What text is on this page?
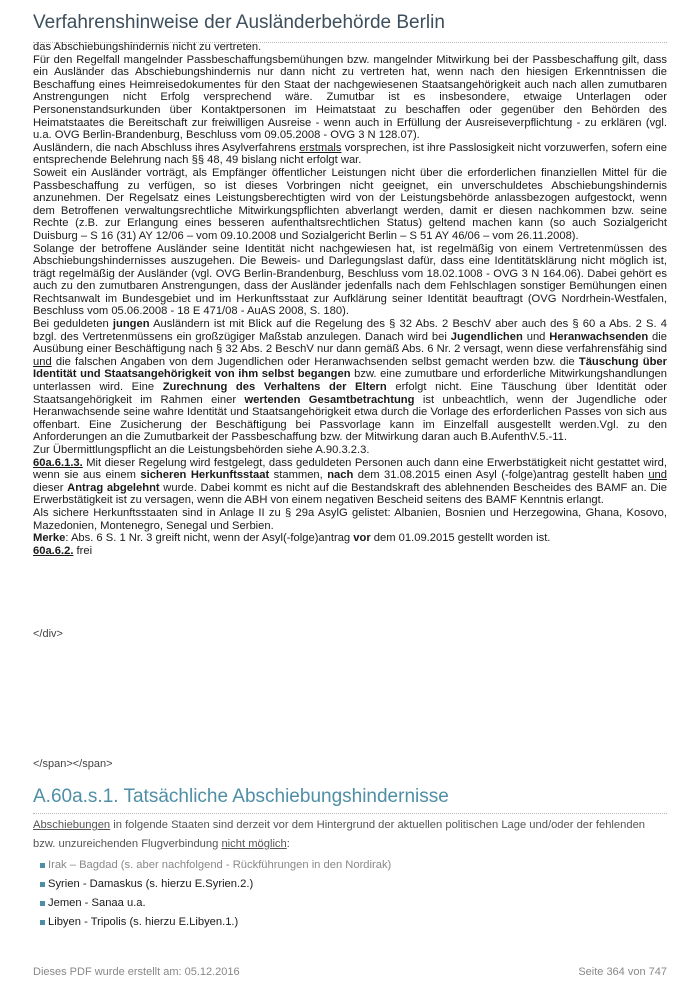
Verfahrenshinweise der Ausländerbehörde Berlin

das Abschiebungshindernis nicht zu vertreten.

Für den Regelfall mangelnder Passbeschaffungsbemühungen bzw. mangelnder Mitwirkung bei der Passbeschaffung gilt, dass ein Ausländer das Abschiebungshindernis nur dann nicht zu vertreten hat, wenn nach den hiesigen Erkenntnissen die Beschaffung eines Heimreisedokumentes für den Staat der nachgewiesenen Staatsangehörigkeit auch nach allen zumutbaren Anstrengungen nicht Erfolg versprechend wäre. Zumutbar ist es insbesondere, etwaige Unterlagen oder Personenstandsurkunden über Kontaktpersonen im Heimatstaat zu beschaffen oder gegenüber den Behörden des Heimatstaates die Bereitschaft zur freiwilligen Ausreise - wenn auch in Erfüllung der Ausreiseverpflichtung - zu erklären (vgl. u.a. OVG Berlin-Brandenburg, Beschluss vom 09.05.2008 - OVG 3 N 128.07).

Ausländern, die nach Abschluss ihres Asylverfahrens erstmals vorsprechen, ist ihre Passlosigkeit nicht vorzuwerfen, sofern eine entsprechende Belehrung nach §§ 48, 49 bislang nicht erfolgt war.

Soweit ein Ausländer vorträgt, als Empfänger öffentlicher Leistungen nicht über die erforderlichen finanziellen Mittel für die Passbeschaffung zu verfügen, so ist dieses Vorbringen nicht geeignet, ein unverschuldetes Abschiebungshindernis anzunehmen. Der Regelsatz eines Leistungsberechtigten wird von der Leistungsbehörde anlassbezogen aufgestockt, wenn dem Betroffenen verwaltungsrechtliche Mitwirkungspflichten abverlangt werden, damit er diesen nachkommen bzw. seine Rechte (z.B. zur Erlangung eines besseren aufenthaltsrechtlichen Status) geltend machen kann (so auch Sozialgericht Duisburg – S 16 (31) AY 12/06 – vom 09.10.2008 und Sozialgericht Berlin – S 51 AY 46/06 – vom 26.11.2008).

Solange der betroffene Ausländer seine Identität nicht nachgewiesen hat, ist regelmäßig von einem Vertretenmüssen des Abschiebungshindernisses auszugehen. Die Beweis- und Darlegungslast dafür, dass eine Identitätsklärung nicht möglich ist, trägt regelmäßig der Ausländer (vgl. OVG Berlin-Brandenburg, Beschluss vom 18.02.1008 - OVG 3 N 164.06). Dabei gehört es auch zu den zumutbaren Anstrengungen, dass der Ausländer jedenfalls nach dem Fehlschlagen sonstiger Bemühungen einen Rechtsanwalt im Bundesgebiet und im Herkunftsstaat zur Aufklärung seiner Identität beauftragt (OVG Nordrhein-Westfalen, Beschluss vom 05.06.2008 - 18 E 471/08 - AuAS 2008, S. 180).

Bei geduldeten jungen Ausländern ist mit Blick auf die Regelung des § 32 Abs. 2 BeschV aber auch des § 60 a Abs. 2 S. 4 bzgl. des Vertretenmüssens ein großzügiger Maßstab anzulegen. Danach wird bei Jugendlichen und Heranwachsenden die Ausübung einer Beschäftigung nach § 32 Abs. 2 BeschV nur dann gemäß Abs. 6 Nr. 2 versagt, wenn diese verfahrensfähig sind und die falschen Angaben von dem Jugendlichen oder Heranwachsenden selbst gemacht werden bzw. die Täuschung über Identität und Staatsangehörigkeit von ihm selbst begangen bzw. eine zumutbare und erforderliche Mitwirkungshandlungen unterlassen wird. Eine Zurechnung des Verhaltens der Eltern erfolgt nicht. Eine Täuschung über Identität oder Staatsangehörigkeit im Rahmen einer wertenden Gesamtbetrachtung ist unbeachtlich, wenn der Jugendliche oder Heranwachsende seine wahre Identität und Staatsangehörigkeit etwa durch die Vorlage des erforderlichen Passes von sich aus offenbart. Eine Zusicherung der Beschäftigung bei Passvorlage kann im Einzelfall ausgestellt werden.Vgl. zu den Anforderungen an die Zumutbarkeit der Passbeschaffung bzw. der Mitwirkung daran auch B.AufenthV.5.-11.

Zur Übermittlungspflicht an die Leistungsbehörden siehe A.90.3.2.3.

60a.6.1.3. Mit dieser Regelung wird festgelegt, dass geduldeten Personen auch dann eine Erwerbstätigkeit nicht gestattet wird, wenn sie aus einem sicheren Herkunftsstaat stammen, nach dem 31.08.2015 einen Asyl (-folge)antrag gestellt haben und dieser Antrag abgelehnt wurde. Dabei kommt es nicht auf die Bestandskraft des ablehnenden Bescheides des BAMF an. Die Erwerbstätigkeit ist zu versagen, wenn die ABH von einem negativen Bescheid seitens des BAMF Kenntnis erlangt.

Als sichere Herkunftsstaaten sind in Anlage II zu § 29a AsylG gelistet: Albanien, Bosnien und Herzegowina, Ghana, Kosovo, Mazedonien, Montenegro, Senegal und Serbien.

Merke: Abs. 6 S. 1 Nr. 3 greift nicht, wenn der Asyl(-folge)antrag vor dem 01.09.2015 gestellt worden ist.

60a.6.2. frei

</div>
</span></span>
A.60a.s.1. Tatsächliche Abschiebungshindernisse
Abschiebungen in folgende Staaten sind derzeit vor dem Hintergrund der aktuellen politischen Lage und/oder der fehlenden bzw. unzureichenden Flugverbindung nicht möglich:
Irak – Bagdad (s. aber nachfolgend - Rückführungen in den Nordirak)
Syrien - Damaskus (s. hierzu E.Syrien.2.)
Jemen - Sanaa u.a.
Libyen - Tripolis (s. hierzu E.Libyen.1.)
Dieses PDF wurde erstellt am: 05.12.2016	Seite 364 von 747
